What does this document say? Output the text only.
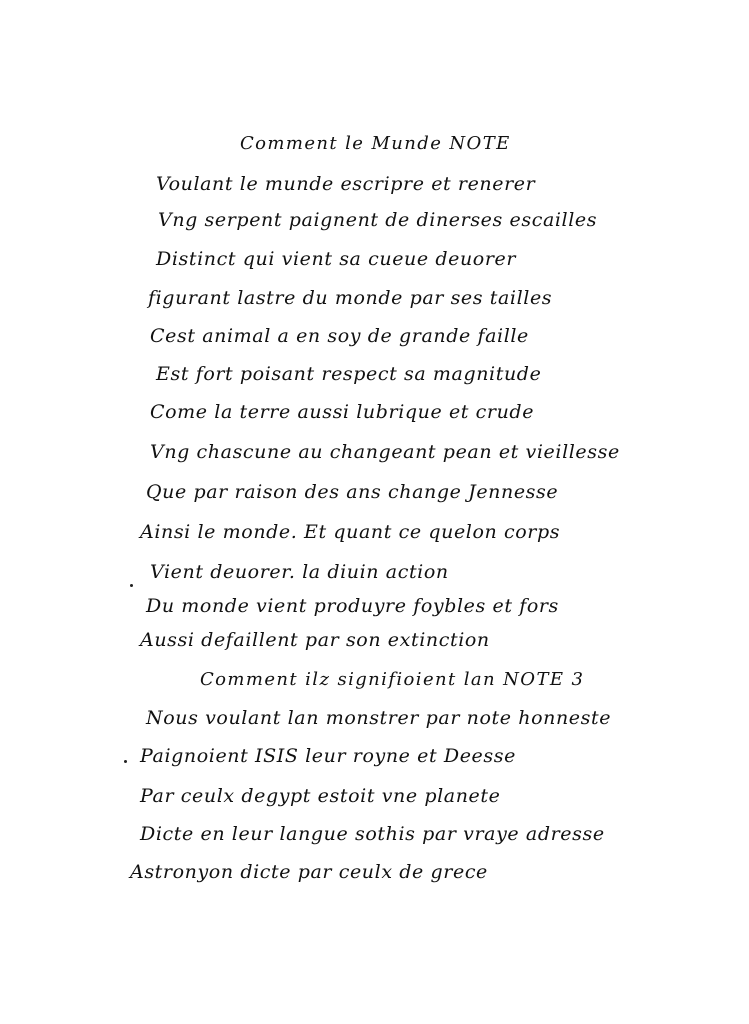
Comment le Munde NOTE
Voulant le munde escripre et renerer
Vng serpent paignent de dinerses escailles
Distinct qui vient sa cueue deuorer
figurant lastre du monde par ses tailles
Cest animal a en soy de grande faille
Est fort poisant respect sa magnitude
Come la terre aussi lubrique et crude
Vng chascune au changeant pean et vieillesse
Que par raison des ans change Jennesse
Ainsi le monde. Et quant ce quelon corps
Vient deuorer. la diuin action
Du monde vient produyre foybles et fors
Aussi defaillent par son extinction
Comment ilz signifioient lan NOTE 3
Nous voulant lan monstrer par note honneste
Paignoient ISIS leur royne et Deesse
Par ceulx degypt estoit vne planete
Dicte en leur langue sothis par vraye adresse
Astronyon dicte par ceulx de grece
